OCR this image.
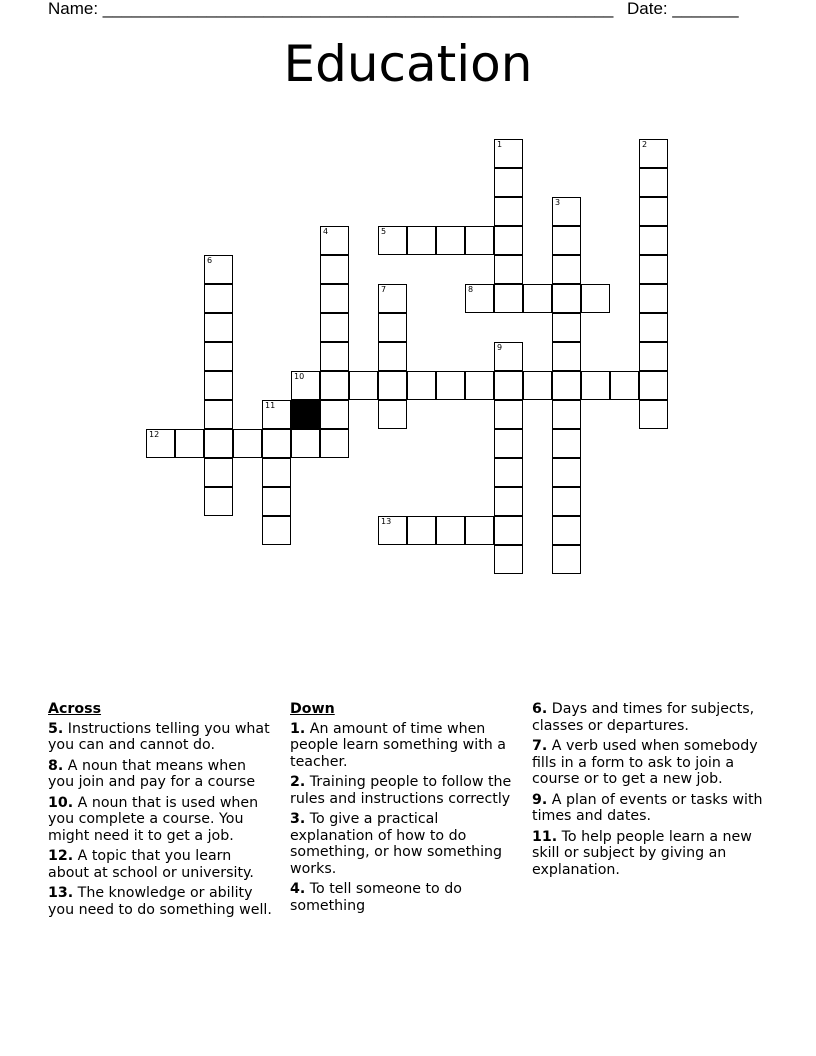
Name: ______________________________________________________ Date: _______
Education
5
8
10
12
13
1	2
3
4
6
7
9
11
Across
5. Instructions telling you what you can and cannot do.
8. A noun that means when you join and pay for a course
10. A noun that is used when you complete a course. You might need it to get a job.
12. A topic that you learn about at school or university.
13. The knowledge or ability you need to do something well.
Down
1. An amount of time when people learn something with a teacher.
2. Training people to follow the rules and instructions correctly
3. To give a practical explanation of how to do something, or how something works.
4. To tell someone to do something
6. Days and times for subjects, classes or departures.
7. A verb used when somebody fills in a form to ask to join a course or to get a new job.
9. A plan of events or tasks with times and dates.
11. To help people learn a new skill or subject by giving an explanation.
